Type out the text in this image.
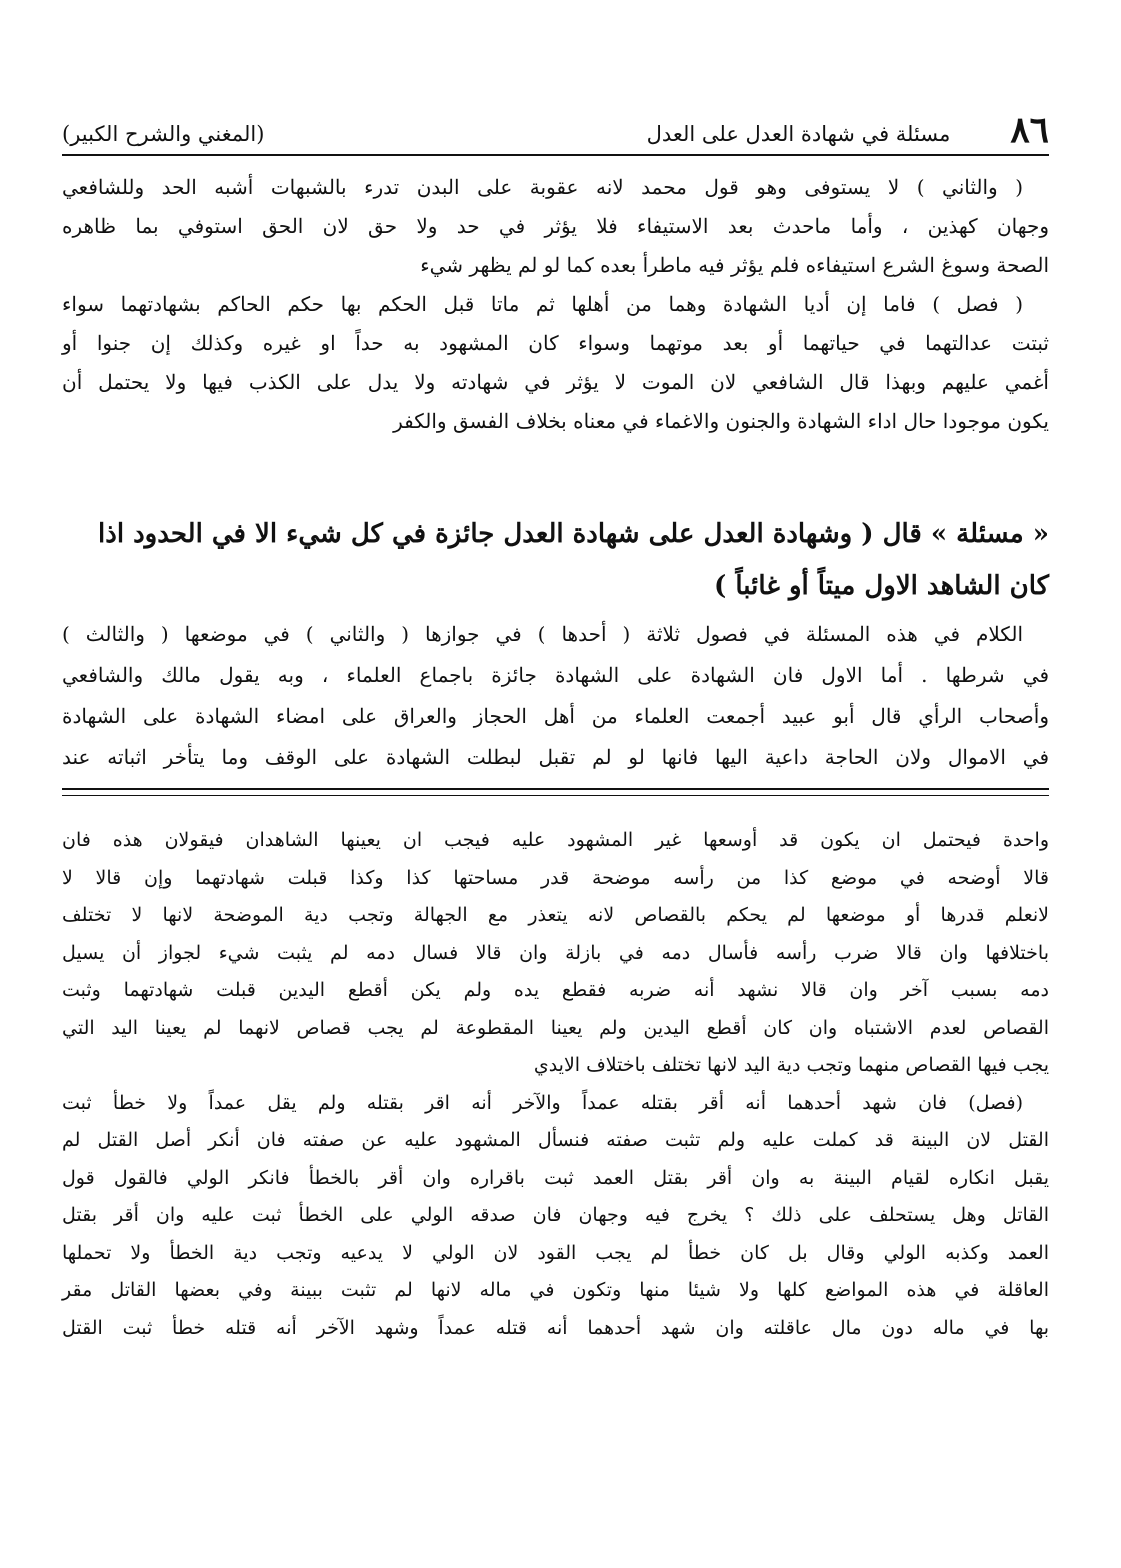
٨٦
مسئلة في شهادة العدل على العدل
(المغني والشرح الكبير)

( والثاني ) لا يستوفى وهو قول محمد لانه عقوبة على البدن تدرء بالشبهات أشبه الحد وللشافعي

وجهان كهذين ، وأما ماحدث بعد الاستيفاء فلا يؤثر في حد ولا حق لان الحق استوفي بما ظاهره

الصحة وسوغ الشرع استيفاءه فلم يؤثر فيه ماطرأ بعده كما لو لم يظهر شيء

( فصل ) فاما إن أديا الشهادة وهما من أهلها ثم ماتا قبل الحكم بها حكم الحاكم بشهادتهما سواء

ثبتت عدالتهما في حياتهما أو بعد موتهما وسواء كان المشهود به حداً او غيره وكذلك إن جنوا أو

أغمي عليهم وبهذا قال الشافعي لان الموت لا يؤثر في شهادته ولا يدل على الكذب فيها ولا يحتمل أن

يكون موجودا حال اداء الشهادة والجنون والاغماء في معناه بخلاف الفسق والكفر

« مسئلة » قال ( وشهادة العدل على شهادة العدل جائزة في كل شيء الا في الحدود اذا

كان الشاهد الاول ميتاً أو غائباً )

الكلام في هذه المسئلة في فصول ثلاثة ( أحدها ) في جوازها ( والثاني ) في موضعها ( والثالث )

في شرطها . أما الاول فان الشهادة على الشهادة جائزة باجماع العلماء ، وبه يقول مالك والشافعي

وأصحاب الرأي قال أبو عبيد أجمعت العلماء من أهل الحجاز والعراق على امضاء الشهادة على الشهادة

في الاموال ولان الحاجة داعية اليها فانها لو لم تقبل لبطلت الشهادة على الوقف وما يتأخر اثباته عند

واحدة فيحتمل ان يكون قد أوسعها غير المشهود عليه فيجب ان يعينها الشاهدان فيقولان هذه فان

قالا أوضحه في موضع كذا من رأسه موضحة قدر مساحتها كذا وكذا قبلت شهادتهما وإن قالا لا

لانعلم قدرها أو موضعها لم يحكم بالقصاص لانه يتعذر مع الجهالة وتجب دية الموضحة لانها لا تختلف

باختلافها وان قالا ضرب رأسه فأسال دمه في بازلة وان قالا فسال دمه لم يثبت شيء لجواز أن يسيل

دمه بسبب آخر وان قالا نشهد أنه ضربه فقطع يده ولم يكن أقطع اليدين قبلت شهادتهما وثبت

القصاص لعدم الاشتباه وان كان أقطع اليدين ولم يعينا المقطوعة لم يجب قصاص لانهما لم يعينا اليد التي

يجب فيها القصاص منهما وتجب دية اليد لانها تختلف باختلاف الايدي

(فصل) فان شهد أحدهما أنه أقر بقتله عمداً والآخر أنه اقر بقتله ولم يقل عمداً ولا خطأ ثبت

القتل لان البينة قد كملت عليه ولم تثبت صفته فنسأل المشهود عليه عن صفته فان أنكر أصل القتل لم

يقبل انكاره لقيام البينة به وان أقر بقتل العمد ثبت باقراره وان أقر بالخطأ فانكر الولي فالقول قول

القاتل وهل يستحلف على ذلك ؟ يخرج فيه وجهان فان صدقه الولي على الخطأ ثبت عليه وان أقر بقتل

العمد وكذبه الولي وقال بل كان خطأ لم يجب القود لان الولي لا يدعيه وتجب دية الخطأ ولا تحملها

العاقلة في هذه المواضع كلها ولا شيئا منها وتكون في ماله لانها لم تثبت ببينة وفي بعضها القاتل مقر

بها في ماله دون مال عاقلته وان شهد أحدهما أنه قتله عمداً وشهد الآخر أنه قتله خطأ ثبت القتل
